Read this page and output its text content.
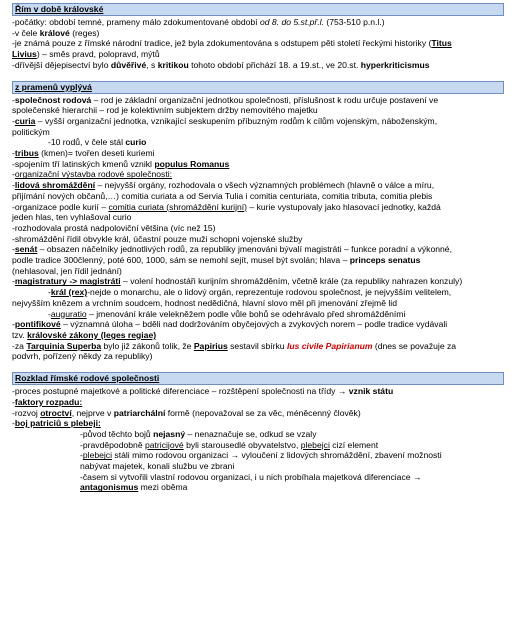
Řím v době královské

-počátky: období temné, prameny málo zdokumentované období od 8. do 5.st.př.l. (753-510 p.n.l.)

-v čele králové (reges)

-je známá pouze z římské národní tradice, jež byla zdokumentována s odstupem pěti století řeckými historiky (Titus

Livius) – směs pravd, polopravd, mýtů

-dřívější dějepisectví bylo důvěřivé, s kritikou tohoto období přichází 18. a 19.st., ve 20.st. hyperkriticismus

z pramenů vyplývá

-společnost rodová – rod je základní organizační jednotkou společnosti, příslušnost k rodu určuje postavení ve

společenské hierarchii – rod je kolektivním subjektem držby nemovitého majetku

-curia – vyšší organizační jednotka, vznikající seskupením příbuzným rodům k cílům vojenským, náboženským,

politickým

-10 rodů, v čele stál curio

-tribus (kmen)= tvořen deseti kuriemi

-spojením tří latinských kmenů vznikl populus Romanus

-organizační výstavba rodové společnosti:

-lidová shromáždění – nejvyšší orgány, rozhodovala o všech významných problémech (hlavně o válce a míru,

přijímání nových občanů,…) comitia curiata a od Servia Tulia i comitia centuriata, comitia tributa, comitia plebis

-organizace podle kurií – comitia curiata (shromáždění kurijní) – kurie vystupovaly jako hlasovací jednotky, každá

jeden hlas, ten vyhlašoval curio

-rozhodovala prostá nadpoloviční většina (víc než 15)

-shromáždění řídil obvykle král, účastní pouze muži schopni vojenské služby

-senát – obsazen náčelníky jednotlivých rodů, za republiky jmenováni bývalí magistráti – funkce poradní a výkonné,

podle tradice 300členný, poté 600, 1000, sám se nemohl sejít, musel být svolán; hlava – princeps senatus

(nehlasoval, jen řídil jednání)

-magistratury -> magistráti – volení hodnostáři kurijním shromážděním, včetně krále (za republiky nahrazen konzuly)

-král (rex)-nejde o monarchu, ale o lidový orgán, reprezentuje rodovou společnost, je nejvyšším velitelem,

nejvyšším knězem a vrchním soudcem, hodnost nedědičná, hlavní slovo měl při jmenování zřejmě lid

-auguratio – jmenování krále velekněžem podle vůle bohů se odehrávalo před shromážděními

-pontifikové – významná úloha – bděli nad dodržováním obyčejových a zvykových norem – podle tradice vydávali

tzv. královské zákony (leges regiae)

-za Tarquinia Superba bylo již zákonů tolik, že Papirius sestavil sbírku Ius civile Papirianum (dnes se považuje za

podvrh, pořízený někdy za republiky)

Rozklad římské rodové společnosti

-proces postupné majetkové a politické diferenciace – rozštěpení společnosti na třídy → vznik státu

-faktory rozpadu:

-rozvoj otroctví, nejprve v patriarchální formě (nepovažoval se za věc, méněcenný člověk)

-boj patriciů s plebeji:

-původ těchto bojů nejasný – nenaznačuje se, odkud se vzaly

-pravděpodobně patricijové byli starousedlé obyvatelstvo, plebejci cizí element

-plebejci stáli mimo rodovou organizaci → vyloučení z lidových shromáždění, zbavení možnosti

nabývat majetek, konali službu ve zbrani

-časem si vytvořili vlastní rodovou organizaci, i u nich probíhala majetková diferenciace →

antagonismus mezi oběma
